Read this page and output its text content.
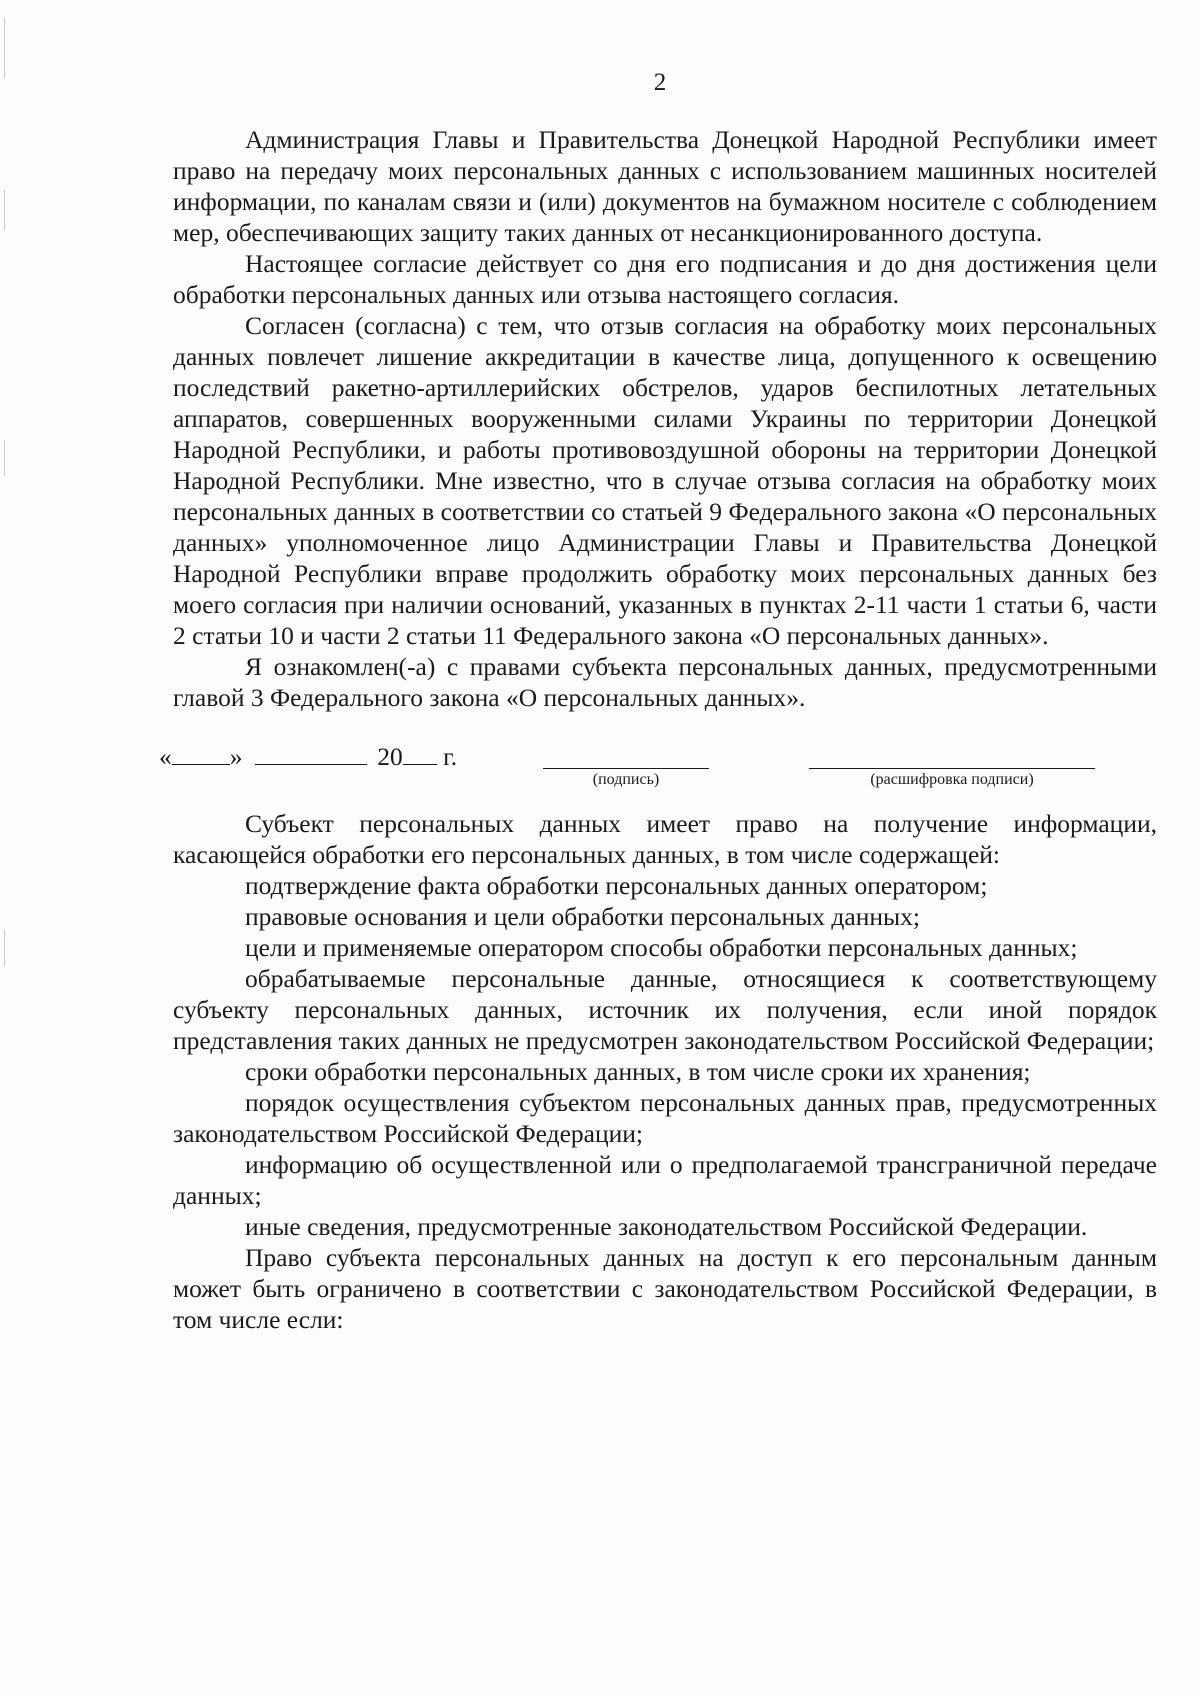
2

Администрация Главы и Правительства Донецкой Народной Республики имеет право на передачу моих персональных данных с использованием машинных носителей информации, по каналам связи и (или) документов на бумажном носителе с соблюдением мер, обеспечивающих защиту таких данных от несанкционированного доступа.

Настоящее согласие действует со дня его подписания и до дня достижения цели обработки персональных данных или отзыва настоящего согласия.

Согласен (согласна) с тем, что отзыв согласия на обработку моих персональных данных повлечет лишение аккредитации в качестве лица, допущенного к освещению последствий ракетно-артиллерийских обстрелов, ударов беспилотных летательных аппаратов, совершенных вооруженными силами Украины по территории Донецкой Народной Республики, и работы противовоздушной обороны на территории Донецкой Народной Республики. Мне известно, что в случае отзыва согласия на обработку моих персональных данных в соответствии со статьей 9 Федерального закона «О персональных данных» уполномоченное лицо Администрации Главы и Правительства Донецкой Народной Республики вправе продолжить обработку моих персональных данных без моего согласия при наличии оснований, указанных в пунктах 2-11 части 1 статьи 6, части 2 статьи 10 и части 2 статьи 11 Федерального закона «О персональных данных».

Я ознакомлен(-а) с правами субъекта персональных данных, предусмотренными главой 3 Федерального закона «О персональных данных».

« »	20 г.
(подпись)	(расшифровка подписи)

Субъект персональных данных имеет право на получение информации, касающейся обработки его персональных данных, в том числе содержащей:

подтверждение факта обработки персональных данных оператором;

правовые основания и цели обработки персональных данных;

цели и применяемые оператором способы обработки персональных данных;

обрабатываемые персональные данные, относящиеся к соответствующему субъекту персональных данных, источник их получения, если иной порядок представления таких данных не предусмотрен законодательством Российской Федерации;

сроки обработки персональных данных, в том числе сроки их хранения;

порядок осуществления субъектом персональных данных прав, предусмотренных законодательством Российской Федерации;

информацию об осуществленной или о предполагаемой трансграничной передаче данных;

иные сведения, предусмотренные законодательством Российской Федерации.

Право субъекта персональных данных на доступ к его персональным данным может быть ограничено в соответствии с законодательством Российской Федерации, в том числе если:
